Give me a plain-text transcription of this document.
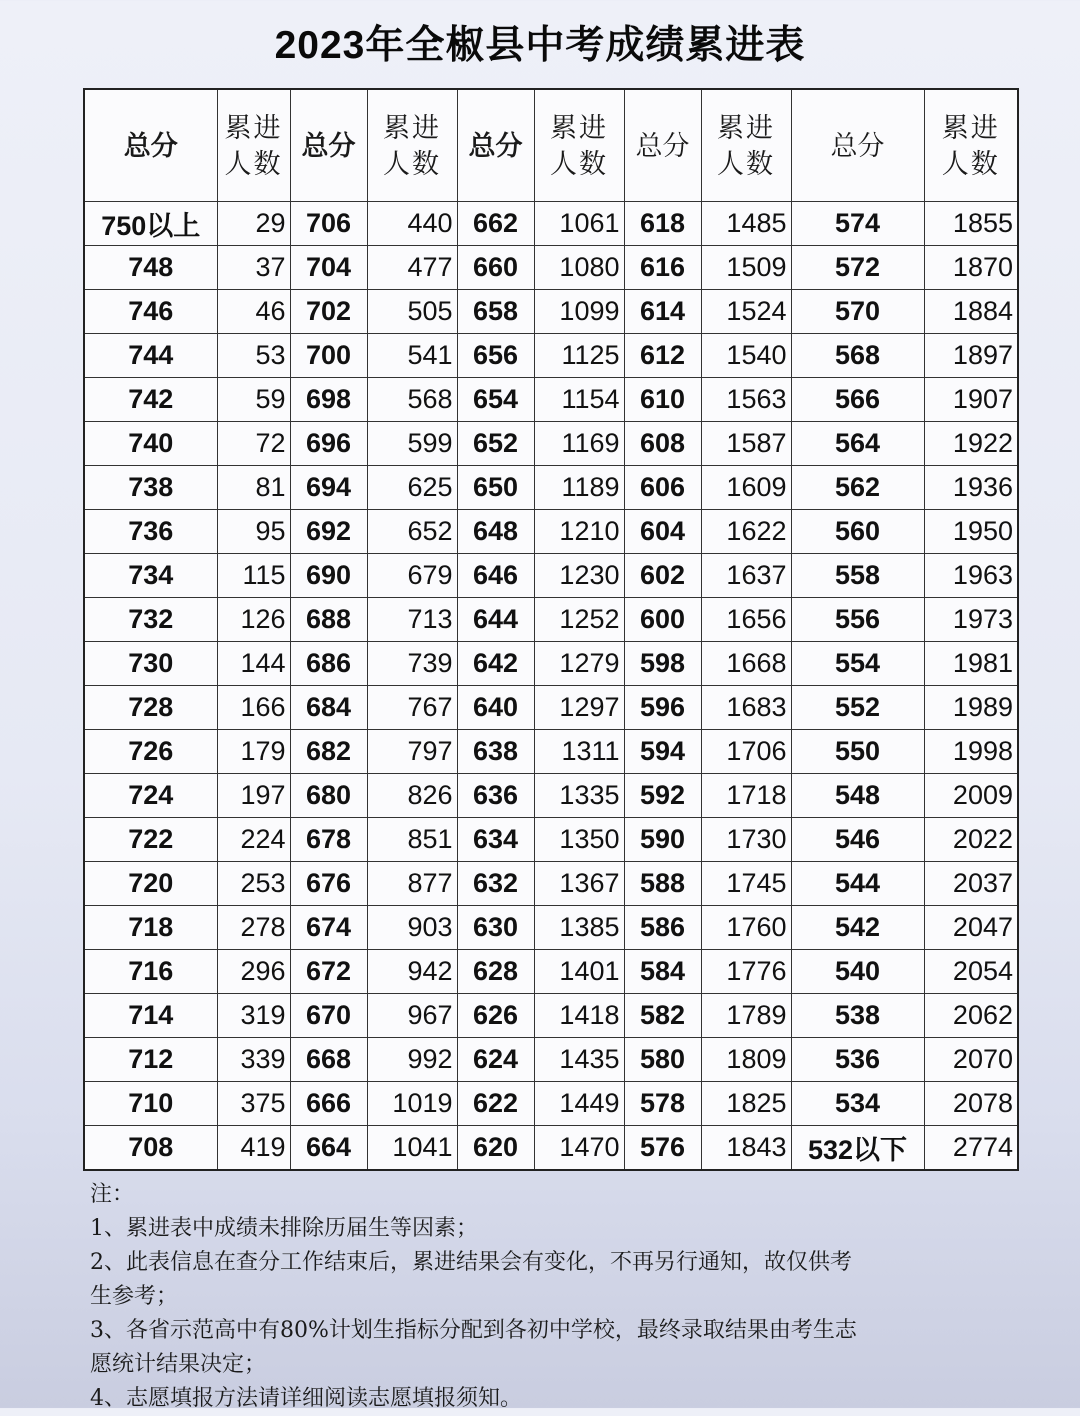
2023年全椒县中考成绩累进表
总分	累进人数	总分	累进人数	总分	累进人数	总分	累进人数	总分	累进人数
750以上	29	706	440	662	1061	618	1485	574	1855
748	37	704	477	660	1080	616	1509	572	1870
746	46	702	505	658	1099	614	1524	570	1884
744	53	700	541	656	1125	612	1540	568	1897
742	59	698	568	654	1154	610	1563	566	1907
740	72	696	599	652	1169	608	1587	564	1922
738	81	694	625	650	1189	606	1609	562	1936
736	95	692	652	648	1210	604	1622	560	1950
734	115	690	679	646	1230	602	1637	558	1963
732	126	688	713	644	1252	600	1656	556	1973
730	144	686	739	642	1279	598	1668	554	1981
728	166	684	767	640	1297	596	1683	552	1989
726	179	682	797	638	1311	594	1706	550	1998
724	197	680	826	636	1335	592	1718	548	2009
722	224	678	851	634	1350	590	1730	546	2022
720	253	676	877	632	1367	588	1745	544	2037
718	278	674	903	630	1385	586	1760	542	2047
716	296	672	942	628	1401	584	1776	540	2054
714	319	670	967	626	1418	582	1789	538	2062
712	339	668	992	624	1435	580	1809	536	2070
710	375	666	1019	622	1449	578	1825	534	2078
708	419	664	1041	620	1470	576	1843	532以下	2774
注：
1、累进表中成绩未排除历届生等因素；
2、此表信息在查分工作结束后，累进结果会有变化，不再另行通知，故仅供考
生参考；
3、各省示范高中有80%计划生指标分配到各初中学校，最终录取结果由考生志
愿统计结果决定；
4、志愿填报方法请详细阅读志愿填报须知。
